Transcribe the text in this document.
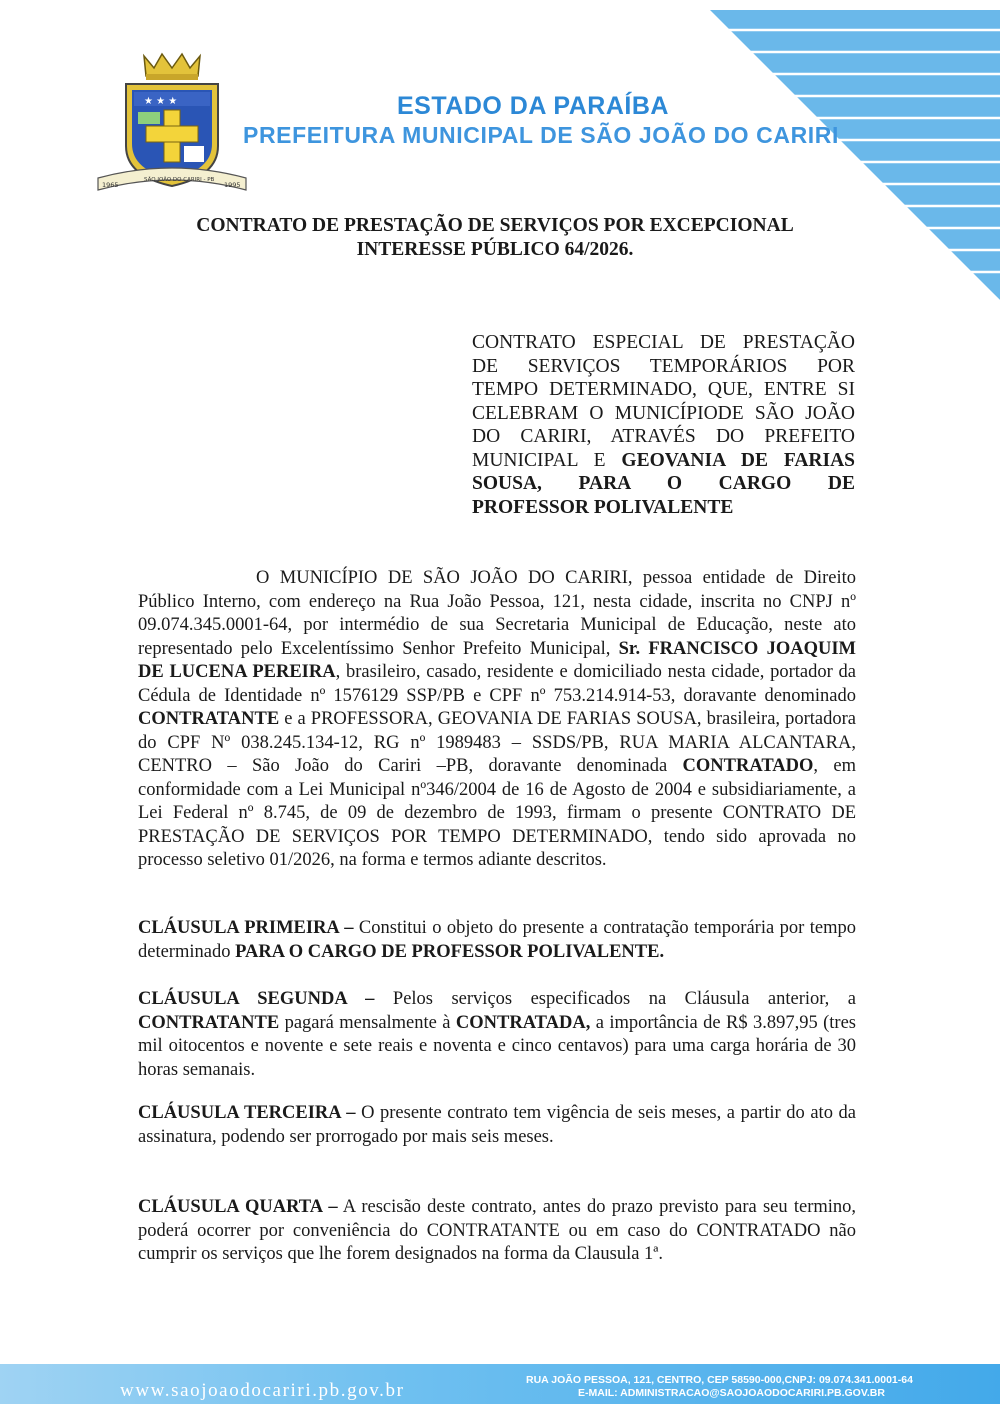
★ ★ ★
1965
SÃO JOÃO DO CARIRI - PB
1995
ESTADO DA PARAÍBA
PREFEITURA MUNICIPAL DE SÃO JOÃO DO CARIRI
CONTRATO DE PRESTAÇÃO DE SERVIÇOS POR EXCEPCIONAL
INTERESSE PÚBLICO 64/2026.
CONTRATO ESPECIAL DE PRESTAÇÃO
DE SERVIÇOS TEMPORÁRIOS POR
TEMPO DETERMINADO, QUE, ENTRE SI
CELEBRAM O MUNICÍPIODE SÃO JOÃO
DO CARIRI, ATRAVÉS DO PREFEITO
MUNICIPAL E GEOVANIA DE FARIAS
SOUSA, PARA O CARGO DE
PROFESSOR POLIVALENTE
O MUNICÍPIO DE SÃO JOÃO DO CARIRI, pessoa entidade de Direito Público Interno, com endereço na Rua João Pessoa, 121, nesta cidade, inscrita no CNPJ nº 09.074.345.0001-64, por intermédio de sua Secretaria Municipal de Educação, neste ato representado pelo Excelentíssimo Senhor Prefeito Municipal, Sr. FRANCISCO JOAQUIM DE LUCENA PEREIRA, brasileiro, casado, residente e domiciliado nesta cidade, portador da Cédula de Identidade nº 1576129 SSP/PB e CPF nº 753.214.914-53, doravante denominado CONTRATANTE e a PROFESSORA, GEOVANIA DE FARIAS SOUSA, brasileira, portadora do CPF Nº 038.245.134-12, RG nº 1989483 – SSDS/PB, RUA MARIA ALCANTARA, CENTRO – São João do Cariri –PB, doravante denominada CONTRATADO, em conformidade com a Lei Municipal nº346/2004 de 16 de Agosto de 2004 e subsidiariamente, a Lei Federal nº 8.745, de 09 de dezembro de 1993, firmam o presente CONTRATO DE PRESTAÇÃO DE SERVIÇOS POR TEMPO DETERMINADO, tendo sido aprovada no processo seletivo 01/2026, na forma e termos adiante descritos.
CLÁUSULA PRIMEIRA – Constitui o objeto do presente a contratação temporária por tempo determinado PARA O CARGO DE PROFESSOR POLIVALENTE.
CLÁUSULA SEGUNDA – Pelos serviços especificados na Cláusula anterior, a CONTRATANTE pagará mensalmente à CONTRATADA, a importância de R$ 3.897,95 (tres mil oitocentos e novente e sete reais e noventa e cinco centavos) para uma carga horária de 30 horas semanais.
CLÁUSULA TERCEIRA – O presente contrato tem vigência de seis meses, a partir do ato da assinatura, podendo ser prorrogado por mais seis meses.
CLÁUSULA QUARTA – A rescisão deste contrato, antes do prazo previsto para seu termino, poderá ocorrer por conveniência do CONTRATANTE ou em caso do CONTRATADO não cumprir os serviços que lhe forem designados na forma da Clausula 1ª.
www.saojoaodocariri.pb.gov.br	RUA JOÃO PESSOA, 121, CENTRO, CEP 58590-000,CNPJ: 09.074.341.0001-64
E-MAIL: ADMINISTRACAO@SAOJOAODOCARIRI.PB.GOV.BR
